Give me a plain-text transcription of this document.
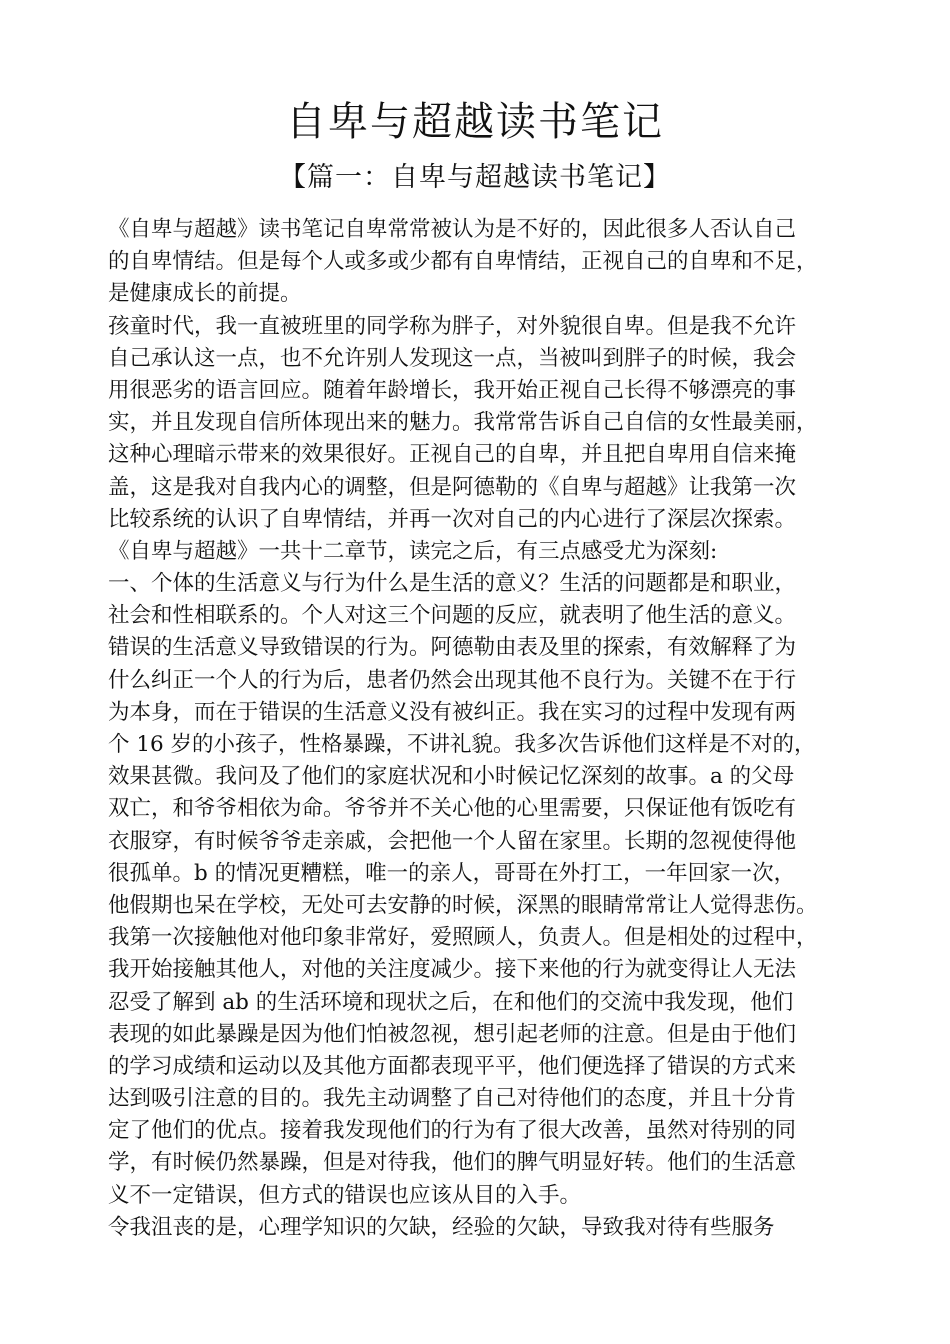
自卑与超越读书笔记
【篇一：自卑与超越读书笔记】
《自卑与超越》读书笔记自卑常常被认为是不好的，因此很多人否认自己
的自卑情结。但是每个人或多或少都有自卑情结，正视自己的自卑和不足，
是健康成长的前提。
孩童时代，我一直被班里的同学称为胖子，对外貌很自卑。但是我不允许
自己承认这一点，也不允许别人发现这一点，当被叫到胖子的时候，我会
用很恶劣的语言回应。随着年龄增长，我开始正视自己长得不够漂亮的事
实，并且发现自信所体现出来的魅力。我常常告诉自己自信的女性最美丽，
这种心理暗示带来的效果很好。正视自己的自卑，并且把自卑用自信来掩
盖，这是我对自我内心的调整，但是阿德勒的《自卑与超越》让我第一次
比较系统的认识了自卑情结，并再一次对自己的内心进行了深层次探索。
《自卑与超越》一共十二章节，读完之后，有三点感受尤为深刻:
一、个体的生活意义与行为什么是生活的意义？生活的问题都是和职业，
社会和性相联系的。个人对这三个问题的反应，就表明了他生活的意义。
错误的生活意义导致错误的行为。阿德勒由表及里的探索，有效解释了为
什么纠正一个人的行为后，患者仍然会出现其他不良行为。关键不在于行
为本身，而在于错误的生活意义没有被纠正。我在实习的过程中发现有两
个 16 岁的小孩子，性格暴躁，不讲礼貌。我多次告诉他们这样是不对的，
效果甚微。我问及了他们的家庭状况和小时候记忆深刻的故事。a 的父母
双亡，和爷爷相依为命。爷爷并不关心他的心里需要，只保证他有饭吃有
衣服穿，有时候爷爷走亲戚，会把他一个人留在家里。长期的忽视使得他
很孤单。b 的情况更糟糕，唯一的亲人，哥哥在外打工，一年回家一次，
他假期也呆在学校，无处可去安静的时候，深黑的眼睛常常让人觉得悲伤。
我第一次接触他对他印象非常好，爱照顾人，负责人。但是相处的过程中，
我开始接触其他人，对他的关注度减少。接下来他的行为就变得让人无法
忍受了解到 ab 的生活环境和现状之后，在和他们的交流中我发现，他们
表现的如此暴躁是因为他们怕被忽视，想引起老师的注意。但是由于他们
的学习成绩和运动以及其他方面都表现平平，他们便选择了错误的方式来
达到吸引注意的目的。我先主动调整了自己对待他们的态度，并且十分肯
定了他们的优点。接着我发现他们的行为有了很大改善，虽然对待别的同
学，有时候仍然暴躁，但是对待我，他们的脾气明显好转。他们的生活意
义不一定错误，但方式的错误也应该从目的入手。
令我沮丧的是，心理学知识的欠缺，经验的欠缺，导致我对待有些服务
